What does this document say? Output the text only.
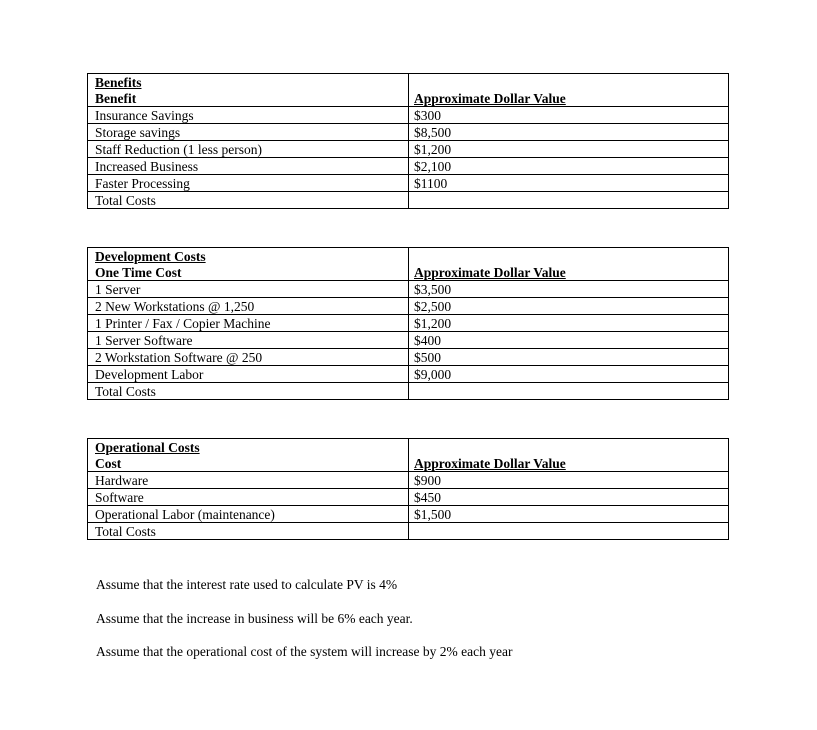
Benefits	
Benefit	Approximate Dollar Value
Insurance Savings	$300
Storage savings	$8,500
Staff Reduction (1 less person)	$1,200
Increased Business	$2,100
Faster Processing	$1100
Total Costs	
Development Costs	
One Time Cost	Approximate Dollar Value
1 Server	$3,500
2 New Workstations @ 1,250	$2,500
1 Printer / Fax / Copier Machine	$1,200
1 Server Software	$400
2 Workstation Software @ 250	$500
Development Labor	$9,000
Total Costs	
Operational Costs	
Cost	Approximate Dollar Value
Hardware	$900
Software	$450
Operational Labor (maintenance)	$1,500
Total Costs	

Assume that the interest rate used to calculate PV is 4%

Assume that the increase in business will be 6% each year.

Assume that the operational cost of the system will increase by 2% each year
